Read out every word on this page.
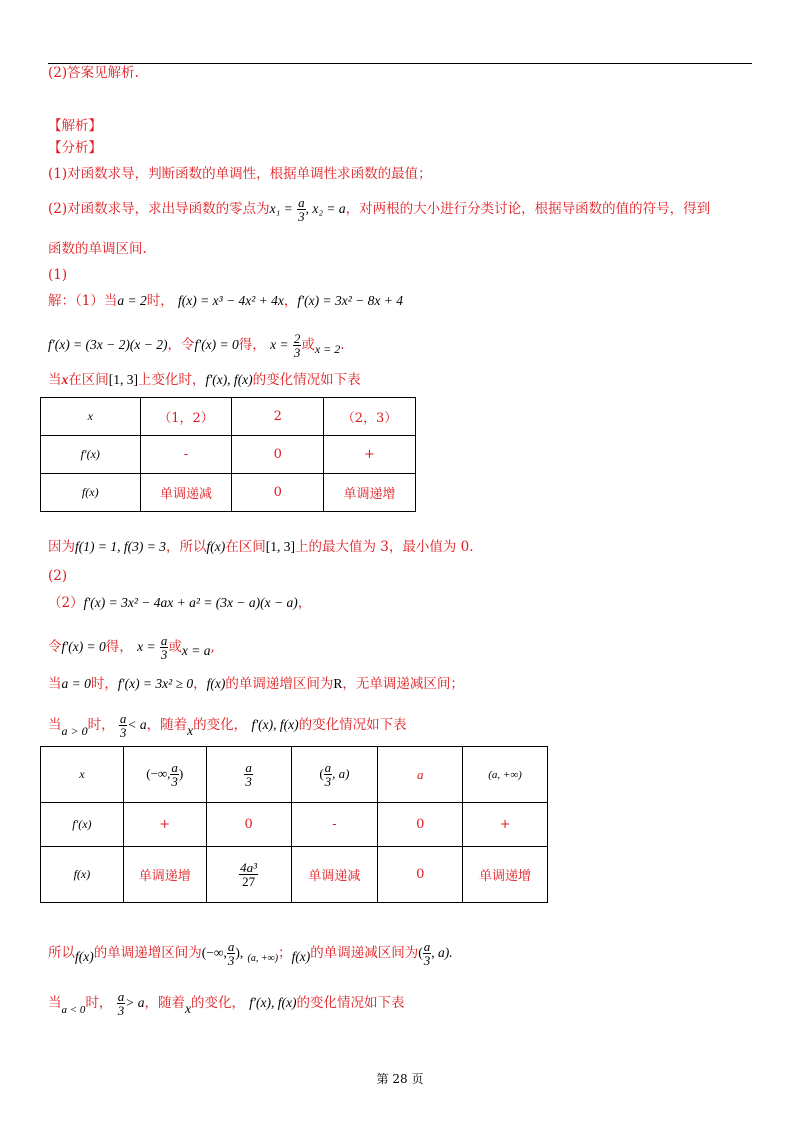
(2)答案见解析.
【解析】
【分析】
(1)对函数求导，判断函数的单调性，根据单调性求函数的最值；
(2)对函数求导，求出导函数的零点为$x_1 = \frac{a}{3}$ , x₂ = a，对两根的大小进行分类讨论，根据导函数的值的符号，得到
函数的单调区间.
(1)
解：（1）当a = 2时， f(x) = x³ − 4x² + 4x，f′(x) = 3x² − 8x + 4
f′(x) = (3x − 2)(x − 2)，令f′(x) = 0得， $x = \frac{2}{3}$ 或x = 2.
当x在区间[1, 3]上变化时，f′(x), f(x)的变化情况如下表
x	（1，2）	2	（2，3）
f′(x)	-	0	+
f(x)	单调递减	0	单调递增
因为f(1) = 1, f(3) = 3，所以f(x)在区间[1, 3]上的最大值为 3，最小值为 0.
(2)
（2）f′(x) = 3x² − 4ax + a² = (3x − a)(x − a)，
令f′(x) = 0得， $x = \frac{a}{3}$ 或x = a,
当a = 0时，f′(x) = 3x² ≥ 0，f(x)的单调递增区间为R，无单调递减区间；
当a > 0时， $\frac{a}{3} < a$，随着x的变化， f′(x), f(x)的变化情况如下表
x	(−∞, $\frac{a}{3}$ )	$\frac{a}{3}$	( $\frac{a}{3}$ , a)	a	(a, +∞)
f′(x)	+	0	-	0	+
f(x)	单调递增	$\frac{\text{4a³}}{27}$	单调递减	0	单调递增
所以f(x)的单调递增区间为(−∞, $\frac{a}{3}$ ), $_{(a, +\infty)}$；f(x)的单调递减区间为( $\frac{a}{3}$ , a).
当$_{a < 0}$时， $\frac{a}{3} > a$，随着x的变化， f′(x), f(x)的变化情况如下表
第 28 页
